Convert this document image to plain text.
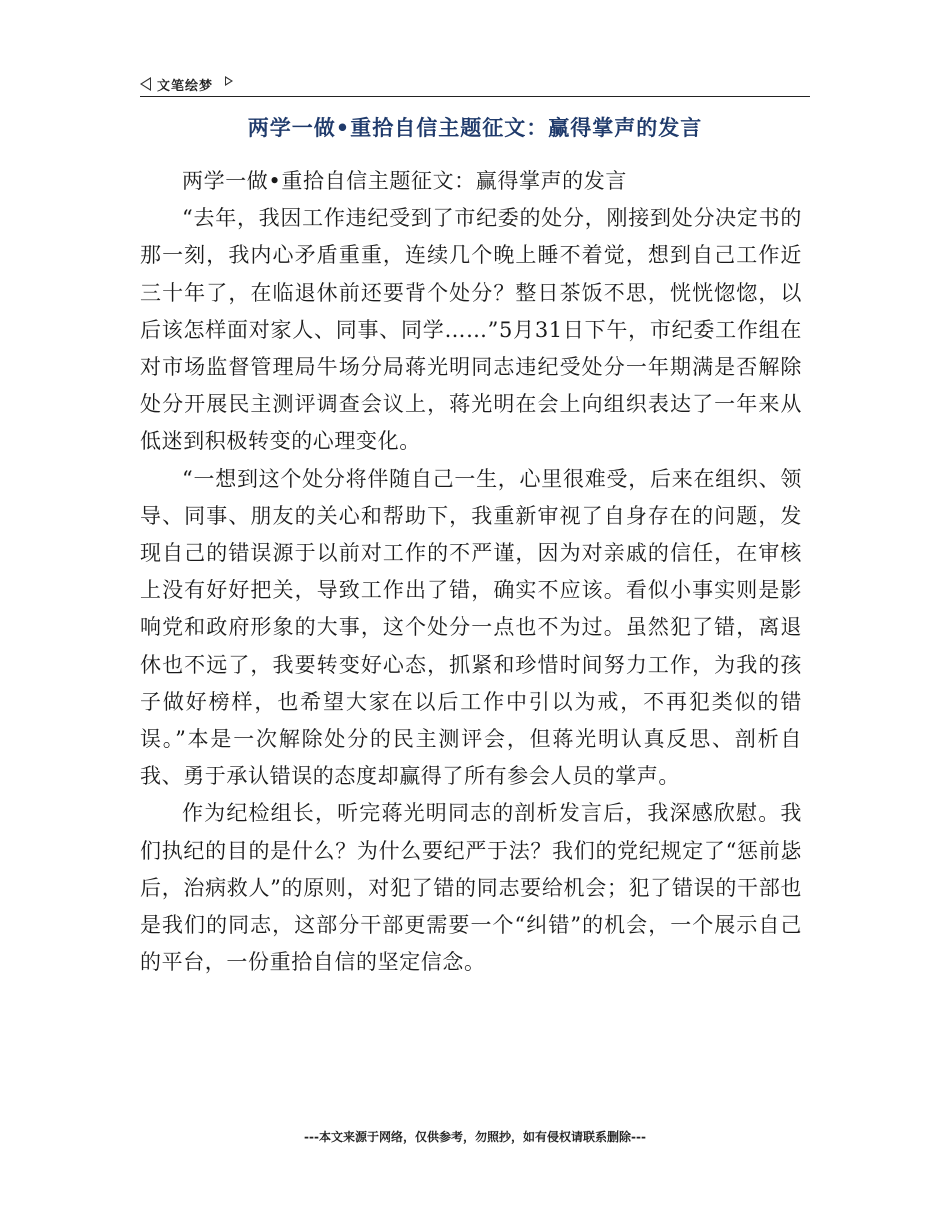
文笔绘梦
两学一做•重拾自信主题征文：赢得掌声的发言

两学一做•重拾自信主题征文：赢得掌声的发言

“去年，我因工作违纪受到了市纪委的处分，刚接到处分决定书的那一刻，我内心矛盾重重，连续几个晚上睡不着觉，想到自己工作近三十年了，在临退休前还要背个处分？整日茶饭不思，恍恍惚惚，以后该怎样面对家人、同事、同学……”5月31日下午，市纪委工作组在对市场监督管理局牛场分局蒋光明同志违纪受处分一年期满是否解除处分开展民主测评调查会议上，蒋光明在会上向组织表达了一年来从低迷到积极转变的心理变化。

“一想到这个处分将伴随自己一生，心里很难受，后来在组织、领导、同事、朋友的关心和帮助下，我重新审视了自身存在的问题，发现自己的错误源于以前对工作的不严谨，因为对亲戚的信任，在审核上没有好好把关，导致工作出了错，确实不应该。看似小事实则是影响党和政府形象的大事，这个处分一点也不为过。虽然犯了错，离退休也不远了，我要转变好心态，抓紧和珍惜时间努力工作，为我的孩子做好榜样，也希望大家在以后工作中引以为戒，不再犯类似的错误。”本是一次解除处分的民主测评会，但蒋光明认真反思、剖析自我、勇于承认错误的态度却赢得了所有参会人员的掌声。

作为纪检组长，听完蒋光明同志的剖析发言后，我深感欣慰。我们执纪的目的是什么？为什么要纪严于法？我们的党纪规定了“惩前毖后，治病救人”的原则，对犯了错的同志要给机会；犯了错误的干部也是我们的同志，这部分干部更需要一个“纠错”的机会，一个展示自己的平台，一份重拾自信的坚定信念。

---本文来源于网络，仅供参考，勿照抄，如有侵权请联系删除---
